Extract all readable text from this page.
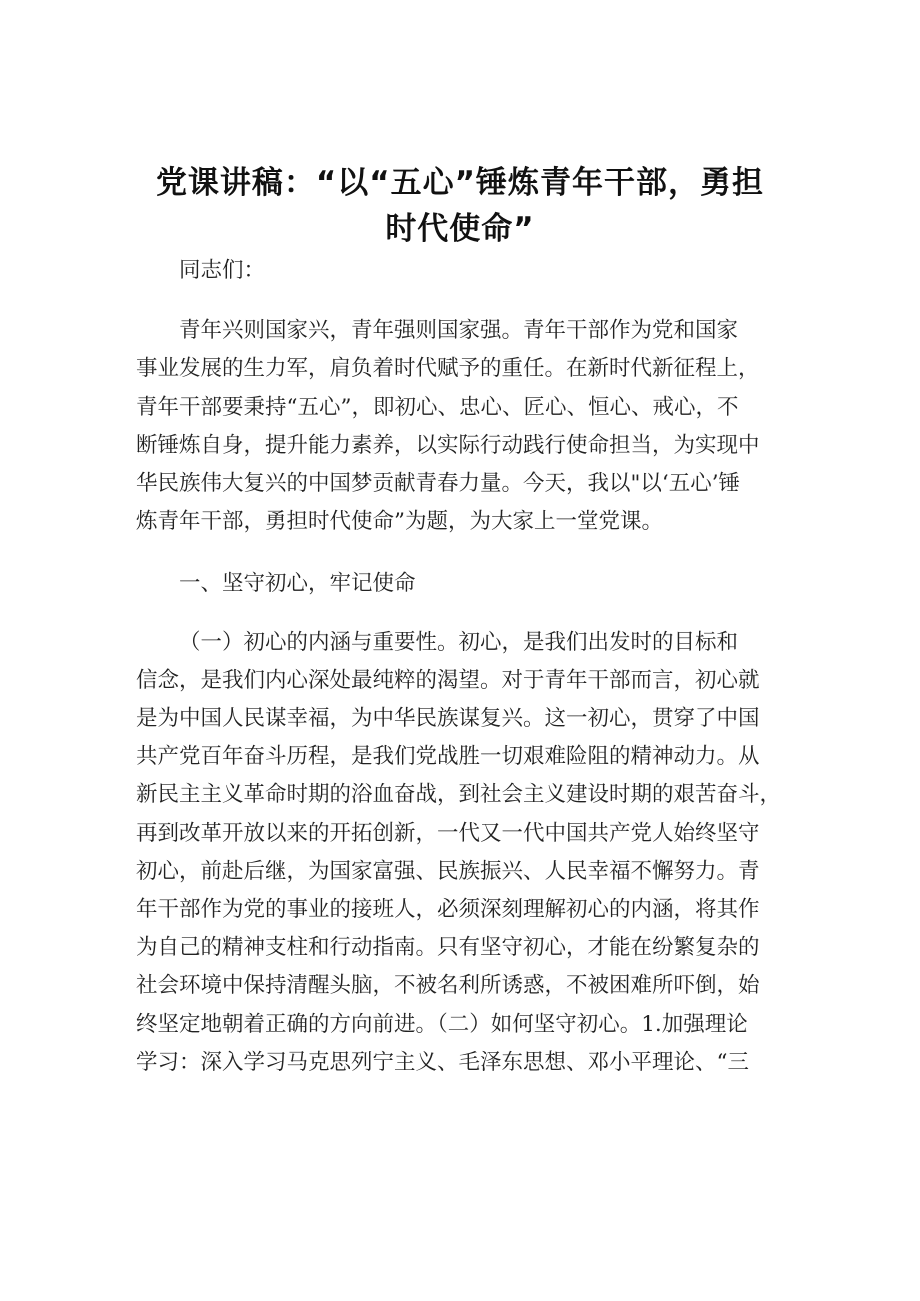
党课讲稿：“以“五心”锤炼青年干部，勇担
时代使命”

同志们：

青年兴则国家兴，青年强则国家强。青年干部作为党和国家
事业发展的生力军，肩负着时代赋予的重任。在新时代新征程上，
青年干部要秉持“五心”，即初心、忠心、匠心、恒心、戒心，不
断锤炼自身，提升能力素养，以实际行动践行使命担当，为实现中
华民族伟大复兴的中国梦贡献青春力量。今天，我以"以‘五心’锤
炼青年干部，勇担时代使命”为题，为大家上一堂党课。

一、坚守初心，牢记使命

（一）初心的内涵与重要性。初心，是我们出发时的目标和
信念，是我们内心深处最纯粹的渴望。对于青年干部而言，初心就
是为中国人民谋幸福，为中华民族谋复兴。这一初心，贯穿了中国
共产党百年奋斗历程，是我们党战胜一切艰难险阻的精神动力。从
新民主主义革命时期的浴血奋战，到社会主义建设时期的艰苦奋斗，
再到改革开放以来的开拓创新，一代又一代中国共产党人始终坚守
初心，前赴后继，为国家富强、民族振兴、人民幸福不懈努力。青
年干部作为党的事业的接班人，必须深刻理解初心的内涵，将其作
为自己的精神支柱和行动指南。只有坚守初心，才能在纷繁复杂的
社会环境中保持清醒头脑，不被名利所诱惑，不被困难所吓倒，始
终坚定地朝着正确的方向前进。（二）如何坚守初心。1.加强理论
学习：深入学习马克思列宁主义、毛泽东思想、邓小平理论、“三
